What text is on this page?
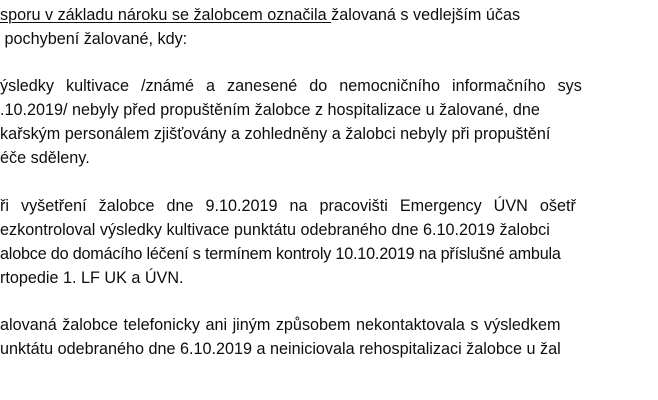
sporu v základu nároku se žalobcem označila žalovaná s vedlejším účas
pochybení žalované, kdy:
ýsledky  kultivace  /známé  a  zanesené  do  nemocničního  informačního  sys
.10.2019/ nebyly před propuštěním žalobce z hospitalizace u žalované, dne
kařským personálem zjišťovány a zohledněny a žalobci nebyly při propuštění
éče sděleny.
ři  vyšetření  žalobce  dne  9.10.2019  na  pracovišti  Emergency  ÚVN  ošetř
ezkontroloval výsledky kultivace punktátu odebraného dne 6.10.2019 žalobci
alobce do domácího léčení s termínem kontroly 10.10.2019 na příslušné ambula
rtopedie 1. LF UK a ÚVN.
alovaná žalobce telefonicky ani jiným způsobem nekontaktovala s výsledkem
unktátu odebraného dne 6.10.2019 a neiniciovala rehospitalizaci žalobce u žal
